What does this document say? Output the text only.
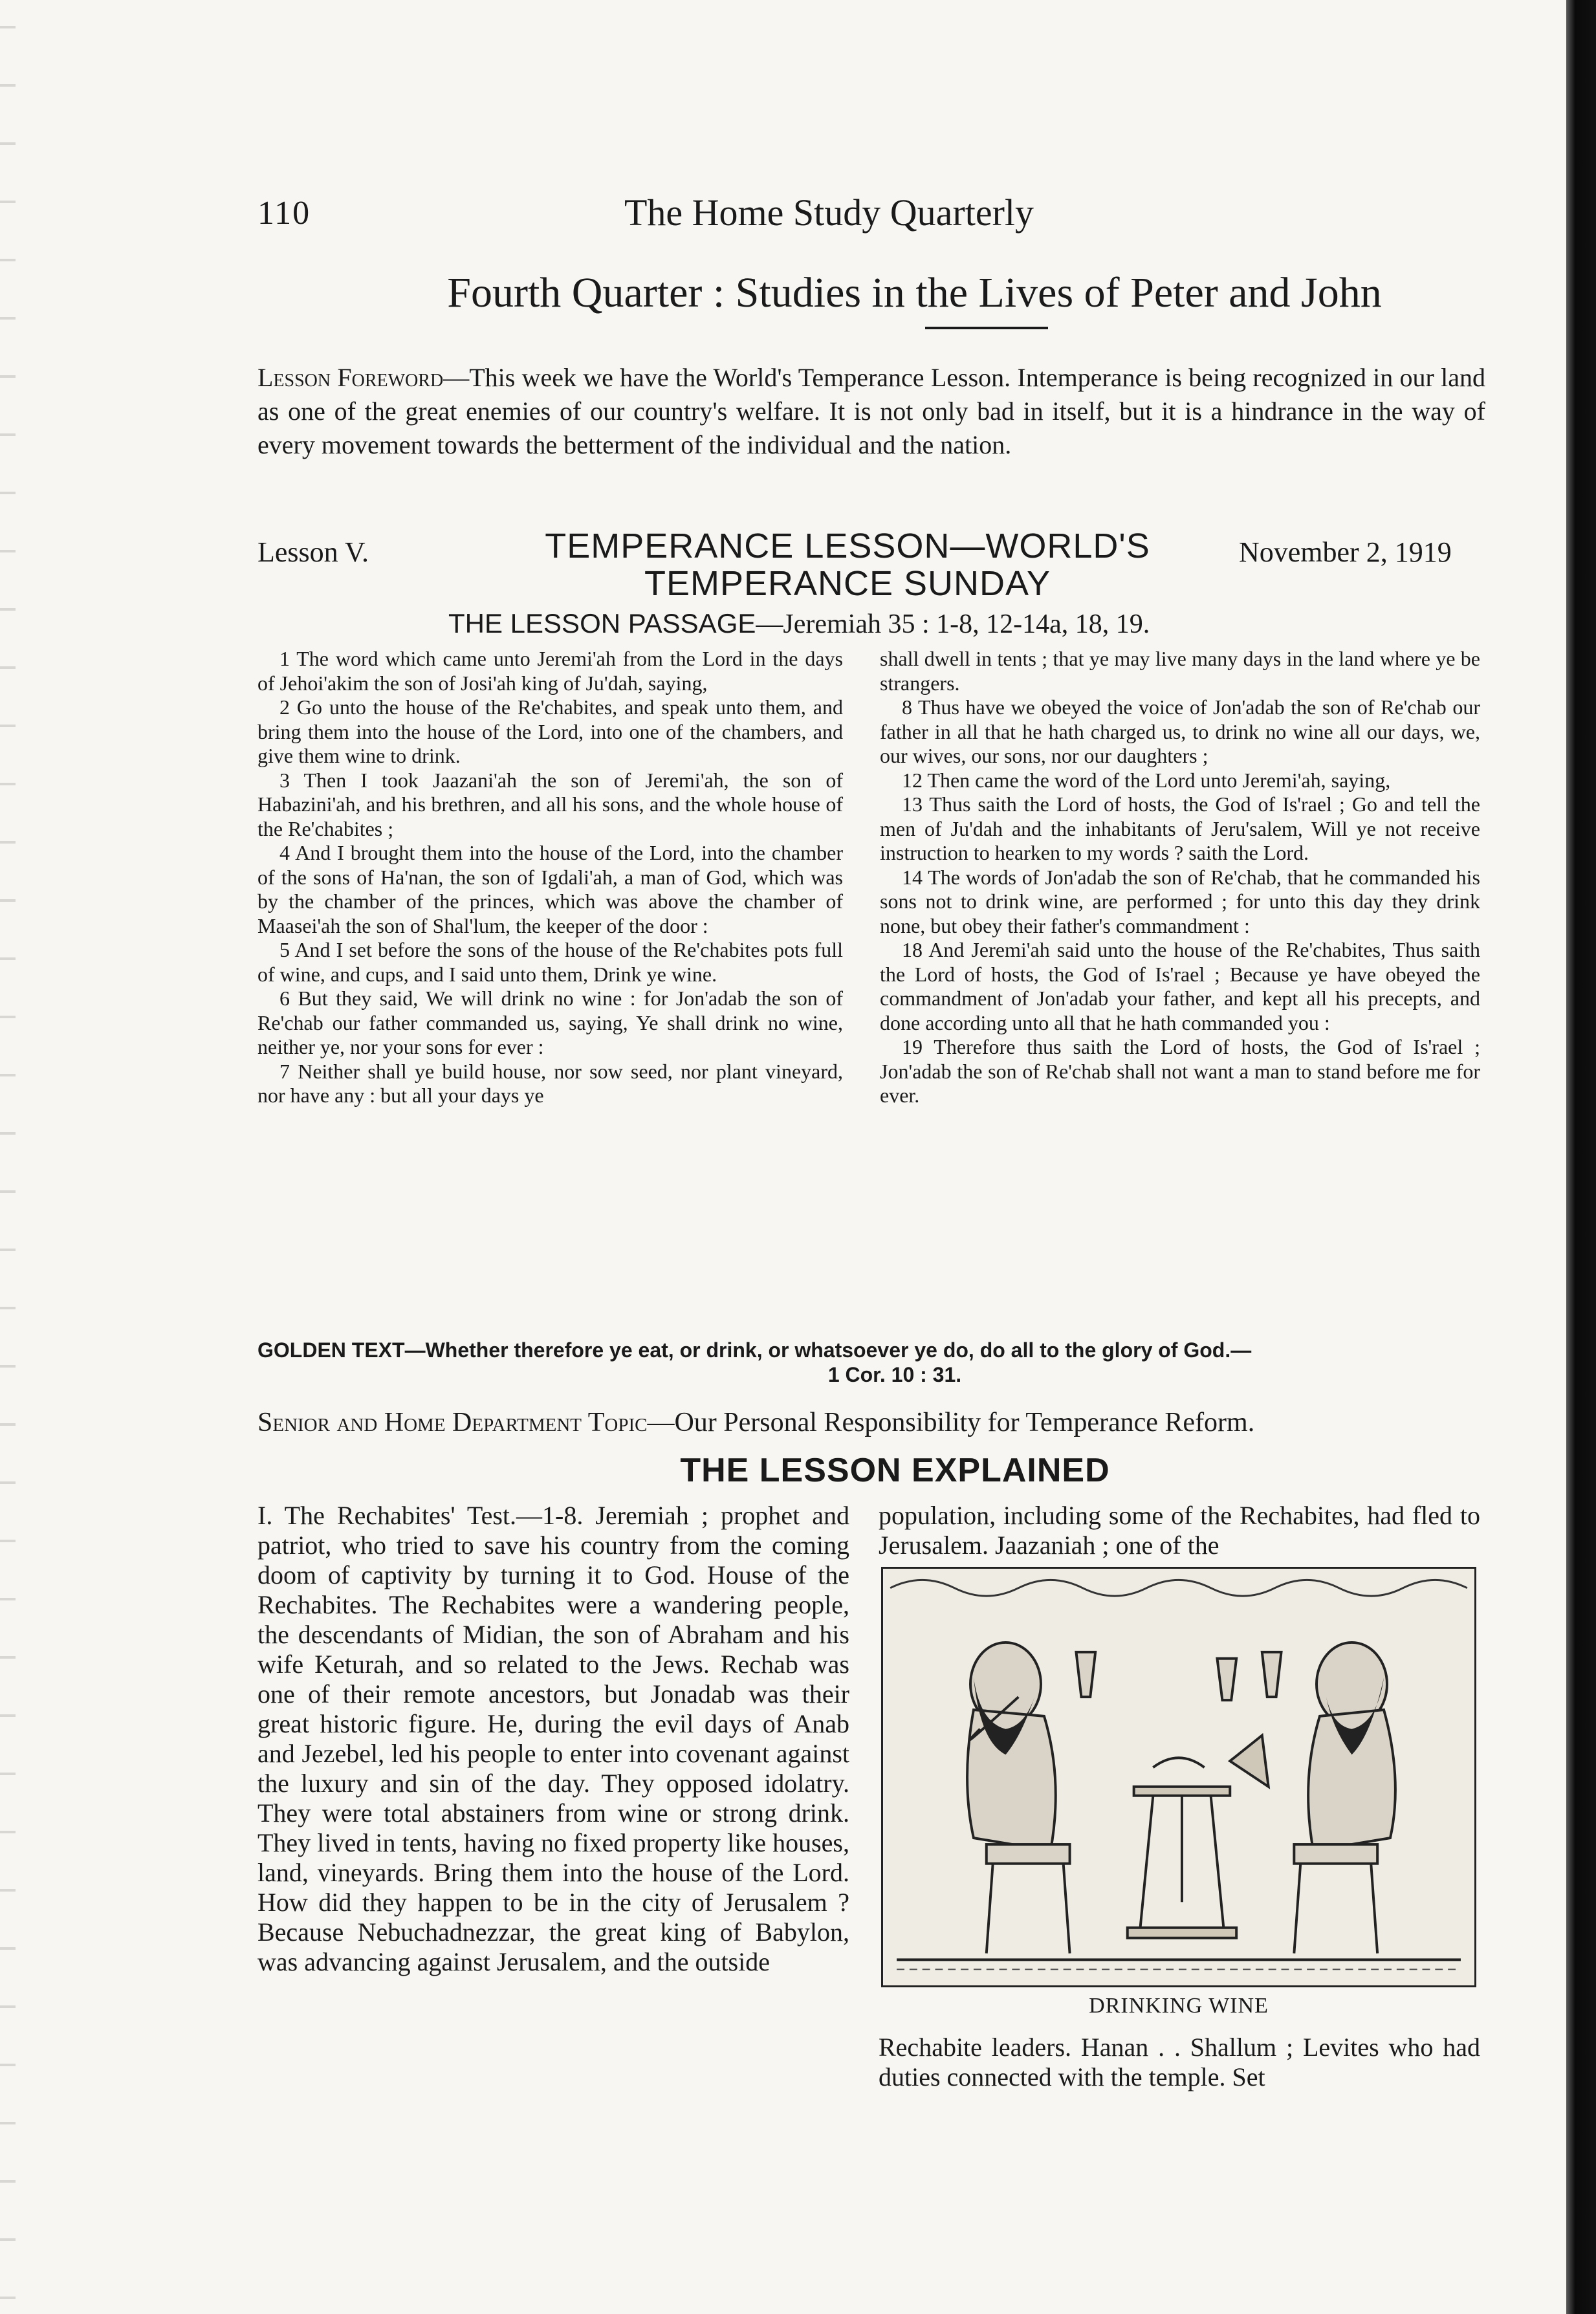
110	The Home Study Quarterly
Fourth Quarter : Studies in the Lives of Peter and John
Lesson Foreword—This week we have the World's Temperance Lesson. Intemperance is being recognized in our land as one of the great enemies of our country's welfare. It is not only bad in itself, but it is a hindrance in the way of every movement towards the betterment of the individual and the nation.
Lesson V.	TEMPERANCE LESSON—WORLD'S
TEMPERANCE SUNDAY
November 2, 1919
THE LESSON PASSAGE—Jeremiah 35 : 1-8, 12-14a, 18, 19.

1 The word which came unto Jeremi'ah from the Lord in the days of Jehoi'akim the son of Josi'ah king of Ju'dah, saying,

2 Go unto the house of the Re'chabites, and speak unto them, and bring them into the house of the Lord, into one of the chambers, and give them wine to drink.

3 Then I took Jaazani'ah the son of Jeremi'ah, the son of Habazini'ah, and his brethren, and all his sons, and the whole house of the Re'chabites ;

4 And I brought them into the house of the Lord, into the chamber of the sons of Ha'nan, the son of Igdali'ah, a man of God, which was by the chamber of the princes, which was above the chamber of Maasei'ah the son of Shal'lum, the keeper of the door :

5 And I set before the sons of the house of the Re'chabites pots full of wine, and cups, and I said unto them, Drink ye wine.

6 But they said, We will drink no wine : for Jon'adab the son of Re'chab our father commanded us, saying, Ye shall drink no wine, neither ye, nor your sons for ever :

7 Neither shall ye build house, nor sow seed, nor plant vineyard, nor have any : but all your days ye

shall dwell in tents ; that ye may live many days in the land where ye be strangers.

8 Thus have we obeyed the voice of Jon'adab the son of Re'chab our father in all that he hath charged us, to drink no wine all our days, we, our wives, our sons, nor our daughters ;

12 Then came the word of the Lord unto Jeremi'ah, saying,

13 Thus saith the Lord of hosts, the God of Is'rael ; Go and tell the men of Ju'dah and the inhabitants of Jeru'salem, Will ye not receive instruction to hearken to my words ? saith the Lord.

14 The words of Jon'adab the son of Re'chab, that he commanded his sons not to drink wine, are performed ; for unto this day they drink none, but obey their father's commandment :

18 And Jeremi'ah said unto the house of the Re'chabites, Thus saith the Lord of hosts, the God of Is'rael ; Because ye have obeyed the commandment of Jon'adab your father, and kept all his precepts, and done according unto all that he hath commanded you :

19 Therefore thus saith the Lord of hosts, the God of Is'rael ; Jon'adab the son of Re'chab shall not want a man to stand before me for ever.

GOLDEN TEXT—Whether therefore ye eat, or drink, or whatsoever ye do, do all to the glory of God.—
1 Cor. 10 : 31.
Senior and Home Department Topic—Our Personal Responsibility for Temperance Reform.
THE LESSON EXPLAINED
I. The Rechabites' Test.—1-8. Jeremiah ; prophet and patriot, who tried to save his country from the coming doom of captivity by turning it to God. House of the Rechabites. The Rechabites were a wandering people, the descendants of Midian, the son of Abraham and his wife Keturah, and so related to the Jews. Rechab was one of their remote ancestors, but Jonadab was their great historic figure. He, during the evil days of Anab and Jezebel, led his people to enter into covenant against the luxury and sin of the day. They opposed idolatry. They were total abstainers from wine or strong drink. They lived in tents, having no fixed property like houses, land, vineyards. Bring them into the house of the Lord. How did they happen to be in the city of Jerusalem ? Because Nebuchadnezzar, the great king of Babylon, was advancing against Jerusalem, and the outside
population, including some of the Rechabites, had fled to Jerusalem. Jaazaniah ; one of the
DRINKING WINE
Rechabite leaders. Hanan . . Shallum ; Levites who had duties connected with the temple. Set
